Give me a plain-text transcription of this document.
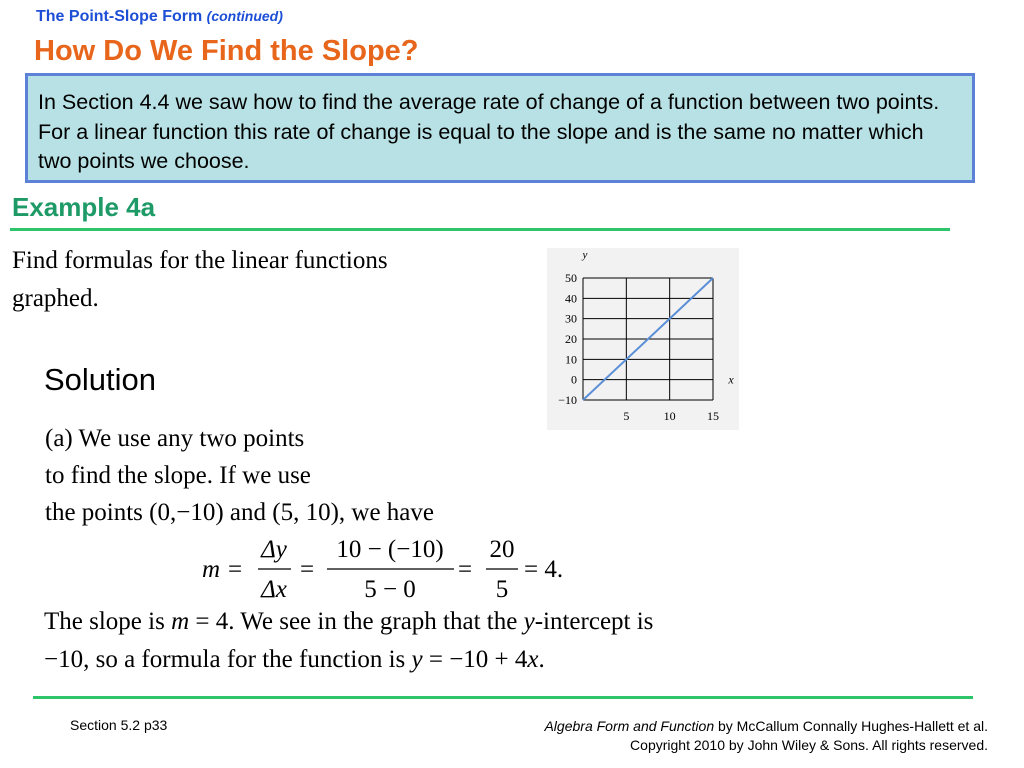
The Point-Slope Form (continued)
How Do We Find the Slope?
In Section 4.4 we saw how to find the average rate of change of a function between two points. For a linear function this rate of change is equal to the slope and is the same no matter which two points we choose.
Example 4a
Find formulas for the linear functions graphed.
−10
0
10
20
30
40
50
5	10	15
y
x
Solution
(a) We use any two points
to find the slope. If we use
the points (0,−10) and (5, 10), we have
m =
Δy
Δx
=
10 − (−10)
5 − 0
=
20
5
= 4.
The slope is m = 4. We see in the graph that the y-intercept is
−10, so a formula for the function is y = −10 + 4x.
Section 5.2 p33	Algebra Form and Function by McCallum Connally Hughes-Hallett et al.
Copyright 2010 by John Wiley & Sons. All rights reserved.
